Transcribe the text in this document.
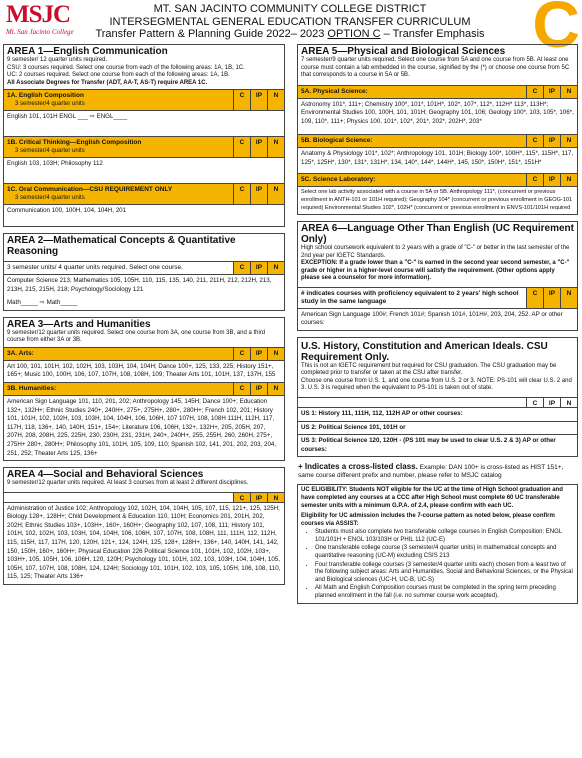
MSJC
Mt. San Jacinto College
MT. SAN JACINTO COMMUNITY COLLEGE DISTRICT
INTERSEGMENTAL GENERAL EDUCATION TRANSFER CURRICULUM
Transfer Pattern & Planning Guide 2022– 2023 OPTION C – Transfer Emphasis C
AREA 1—English Communication
9 semester/ 12 quarter units required.
CSU: 3 courses required. Select one course from each of the following areas: 1A, 1B, 1C.
UC: 2 courses required. Select one course from each of the following areas: 1A, 1B.
All Associate Degrees for Transfer (ADT, AA-T, AS-T) require AREA 1C.
1A. English Composition
3 semester/4 quarter units
C	IP	N
English 101, 101H ENGL ___ ⇨ ENGL____
1B. Critical Thinking—English Composition
3 semester/4 quarter units
C	IP	N
English 103, 103H; Philosophy 112
1C. Oral Communication—CSU REQUIREMENT ONLY
3 semester/4 quarter units
C	IP	N
Communication 100, 100H, 104, 104H, 201
AREA 2—Mathematical Concepts & Quantitative Reasoning
3 semester units/ 4 quarter units required. Select one course.	C	IP	N
Computer Science 213; Mathematics 105, 105H, 110, 115, 135, 140, 211, 211H, 212, 212H, 213, 213H, 215, 215H, 218; Psychology/Sociology 121
Math_____ ⇨ Math_____
AREA 3—Arts and Humanities
9 semester/12 quarter units required. Select one course from 3A, one course from 3B, and a third course from either 3A or 3B.
3A. Arts:	C	IP	N
Art 100, 101, 101H, 102, 102H, 103, 103H, 104, 104H; Dance 100+, 125, 133, 225; History 151+, 165+; Music 100, 100H, 106, 107, 107H, 108, 108H, 109; Theater Arts 101, 101H, 137, 137H, 155
3B. Humanities:	C	IP	N
American Sign Language 101, 110, 201, 202; Anthropology 145, 145H; Dance 100+; Education 132+, 132H+; Ethnic Studies 240+, 240H+, 275+, 275H+, 280+, 280H+; French 102, 201; History 101, 101H, 102, 102H, 103, 103H, 104, 104H, 106, 106H, 107 107H, 108, 108H 111H, 112H, 117, 117H, 118, 136+, 140, 140H, 151+, 154+; Literature 106, 106H, 132+, 132H+, 205, 205H, 207, 207H, 208, 208H, 225, 225H, 230, 230H, 231, 231H, 240+, 240H+, 255, 255H, 260, 260H, 275+, 275H+ 280+, 280H+; Philosophy 101, 101H, 105, 109, 110; Spanish 102, 141, 201, 202, 203, 204, 251, 252; Theater Arts 125, 136+
AREA 4—Social and Behavioral Sciences
9 semester/12 quarter units required. At least 3 courses from at least 2 different disciplines.
C	IP	N
Administration of Justice 102; Anthropology 102, 102H, 104, 104H, 105, 107, 115, 121+, 125, 125H; Biology 128+, 128H+; Child Development & Education 110, 110H; Economics 201, 201H, 202, 202H; Ethnic Studies 103+, 103H+, 160+, 160H+; Geography 102, 107, 108, 111; History 101, 101H, 102, 102H, 103, 103H, 104, 104H, 106, 106H, 107, 107H, 108, 108H, 111, 111H, 112, 112H, 115, 115H, 117, 117H, 120, 120H, 121+, 124, 124H, 125, 128+, 128H+, 136+, 140, 140H, 141, 142, 150, 150H, 160+, 160H+; Physical Education 226 Political Science 101, 101H, 102, 102H, 103+, 103H+, 105, 105H, 106, 106H, 120, 120H; Psychology 101, 101H, 102, 103, 103H, 104, 104H, 105, 105H, 107, 107H, 108, 108H, 124, 124H; Sociology 101, 101H, 102, 103, 105, 105H, 106, 108, 110, 115, 125; Theater Arts 136+
AREA 5—Physical and Biological Sciences
7 semester/9 quarter units required. Select one course from 5A and one course from 5B. At least one course must contain a lab embedded in the course, signified by the (*) or choose one course from 5C that corresponds to a course in 5A or 5B.
5A. Physical Science:	C	IP	N
Astronomy 101*, 111+; Chemistry 100*, 101*, 101H*, 102*, 107*, 112*, 112H* 113*, 113H*; Environmental Studies 100, 100H, 101, 101H; Geography 101, 106; Geology 100*, 103, 105*, 106*, 109, 110*, 111+; Physics 100, 101*, 102*, 201*, 202*, 202H*, 203*
5B. Biological Science:	C	IP	N
Anatomy & Physiology 101*, 102*; Anthropology 101, 101H; Biology 100*, 100H*, 115*, 115H*, 117, 125*, 125H*, 130*, 131*, 131H*, 134, 140*, 144*, 144H*, 145, 150*, 150H*, 151*, 151H*
5C. Science Laboratory:	C	IP	N
Select one lab activity associated with a course in 5A or 5B. Anthropology 111*, (concurrent or previous enrollment in ANTH-101 or 101H required); Geography 104* (concurrent or previous enrollment in GEOG-101 required) Environmental Studies 102*, 102H* (concurrent or previous enrollment in ENVS-101/101H required
AREA 6—Language Other Than English (UC Requirement Only)
High school coursework equivalent to 2 years with a grade of "C-" or better in the last semester of the 2nd year per IGETC Standards.
EXCEPTION: If a grade lower than a "C-" is earned in the second year second semester, a "C-" grade or higher in a higher-level course will satisfy the requirement. (Other options apply please see a counselor for more information).
# indicates courses with proficiency equivalent to 2 years' high school study in the same language
C	IP	N
American Sign Language 100#; French 101#; Spanish 101#, 101H#, 203, 204, 252. AP or other courses:
U.S. History, Constitution and American Ideals. CSU Requirement Only.
This is not an IGETC requirement but required for CSU graduation. The CSU graduation may be completed prior to transfer or taken at the CSU after transfer.
Choose one course from U.S. 1, and one course from U.S. 2 or 3. NOTE: PS-101 will clear U.S. 2 and 3. U.S. 3 is required when the equivalent to PS-101 is taken out of state.
C	IP	N
US 1: History 111, 111H, 112, 112H AP or other courses:
US 2: Political Science 101, 101H or
US 3: Political Science 120, 120H - (PS 101 may be used to clear U.S. 2 & 3) AP or other courses:
+ Indicates a cross-listed class. Example: DAN 100+ is cross-listed as HIST 151+, same course different prefix and number, please refer to MSJC catalog
UC ELIGIBILITY: Students NOT eligible for the UC at the time of High School graduation and have completed any courses at a CCC after High School must complete 60 UC transferable semester units with a minimum G.P.A. of 2.4, please confirm with each UC.
Eligibility for UC admission includes the 7-course pattern as noted below, please confirm courses via ASSIST:
• Students must also complete two transferable college courses in English Composition: ENGL 101/101H + ENGL 103/103H or PHIL 112 (UC-E)
• One transferable college course (3 semester/4 quarter units) in mathematical concepts and quantitative reasoning (UC-M) excluding CSIS 213
• Four transferable college courses (3 semester/4 quarter units each) chosen from a least two of the following subject areas: Arts and Humanities, Social and Behavioral Sciences, or the Physical and Biological sciences (UC-H, UC-B, UC-S)
• All Math and English Composition courses must be completed in the spring term preceding planned enrollment in the fall (i.e. no summer course work accepted).
